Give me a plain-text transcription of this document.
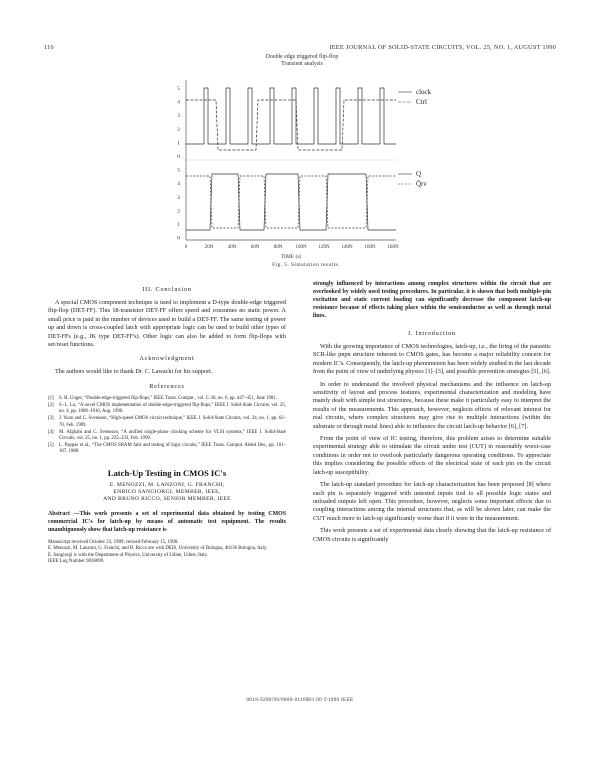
110	IEEE JOURNAL OF SOLID-STATE CIRCUITS, VOL. 25, NO. 1, AUGUST 1990
Double edge triggered flip-flop
Transient analysis
5
4
3
2
1
0
5
4
3
2
1
0
0	20N	40N	60N	80N	100N 120N 140N 160N 180N
clock
Ctrl
Q
Q̄rv
TIME (s)
Fig. 5. Simulation results.
III. Conclusion

A special CMOS component technique is used to implement a D-type double-edge triggered flip-flop (DET-FF). This 18-transistor DET-FF offers speed and consumes no static power. A small price is paid in the number of devices used to build a DET-FF. The same testing of power up and down is cross-coupled latch with appropriate logic can be used to build other types of DET-FFs (e.g., JK type DET-FF's). Other logic can also be added to form flip-flops with set/reset functions.

Acknowledgment

The authors would like to thank Dr. C. Lawacki for his support.

References
[1]	S. H. Unger, “Double-edge-triggered flip-flops,” IEEE Trans. Comput., vol. C-30, no. 6, pp. 447–451, June 1981.
[2]	S.-L. Lu, “A novel CMOS implementation of double-edge-triggered flip-flops,” IEEE J. Solid-State Circuits, vol. 25, no. 4, pp. 1008–1010, Aug. 1990.
[3]	J. Yuan and C. Svensson, “High-speed CMOS circuit technique,” IEEE J. Solid-State Circuits, vol. 24, no. 1, pp. 62–70, Feb. 1989.
[4]	M. Afghahi and C. Svensson, “A unified single-phase clocking scheme for VLSI systems,” IEEE J. Solid-State Circuits, vol. 25, no. 1, pp. 225–233, Feb. 1990.
[5]	L. Pappas et al., “The CMOS SRAM fails and testing of logic circuits,” IEEE Trans. Comput. Aided Des., pp. 101–107, 1988.
Latch-Up Testing in CMOS IC's
E. MENOZZI, M. LANZONI, G. FRANCHI,
ENRICO SANGIORGI, MEMBER, IEEE,
AND BRUNO RICCO, SENIOR MEMBER, IEEE

Abstract —This work presents a set of experimental data obtained by testing CMOS commercial IC's for latch-up by means of automatic test equipment. The results unambiguously show that latch-up resistance is

Manuscript received October 23, 1989; revised February 15, 1990.
E. Menozzi, M. Lanzoni, G. Franchi, and B. Ricco are with DEIS, University of Bologna, 40136 Bologna, Italy.
E. Sangiorgi is with the Department of Physics, University of Udine, Udine, Italy.
IEEE Log Number 9036899.

strongly influenced by interactions among complex structures within the circuit that are overlooked by widely used testing procedures. In particular, it is shown that both multiple-pin excitation and static current loading can significantly decrease the component latch-up resistance because of effects taking place within the semiconductor as well as through metal lines.

I. Introduction

With the growing importance of CMOS technologies, latch-up, i.e., the firing of the parasitic SCR-like pnpn structure inherent to CMOS gates, has become a major reliability concern for modern IC's. Consequently, the latch-up phenomenon has been widely studied in the last decade from the point of view of underlying physics [1]–[3], and possible prevention strategies [5], [6].

In order to understand the involved physical mechanisms and the influence on latch-up sensitivity of layout and process features, experimental characterization and modeling have mainly dealt with simple test structures, because these make it particularly easy to interpret the results of the measurements. This approach, however, neglects effects of relevant interest for real circuits, where complex structures may give rise to multiple interactions (within the substrate or through metal lines) able to influence the circuit latch-up behavior [6], [7].

From the point of view of IC testing, therefore, this problem arises to determine suitable experimental strategy able to stimulate the circuit under test (CUT) in reasonably worst-case conditions in order not to overlook particularly dangerous operating conditions. To appreciate this implies considering the possible effects of the electrical state of each pin on the circuit latch-up susceptibility.

The latch-up standard procedure for latch-up characterization has been proposed [8] where each pin is separately triggered with untested inputs tied to all possible logic states and unloaded outputs left open. This procedure, however, neglects some important effects due to coupling interactions among the internal structures that, as will be shown later, can make the CUT much more to latch-up significantly worse than if it were in the measurement.

This work presents a set of experimental data clearly showing that the latch-up resistance of CMOS circuits is significantly

0018-9200/90/0800-0110$01.00 ©1990 IEEE
